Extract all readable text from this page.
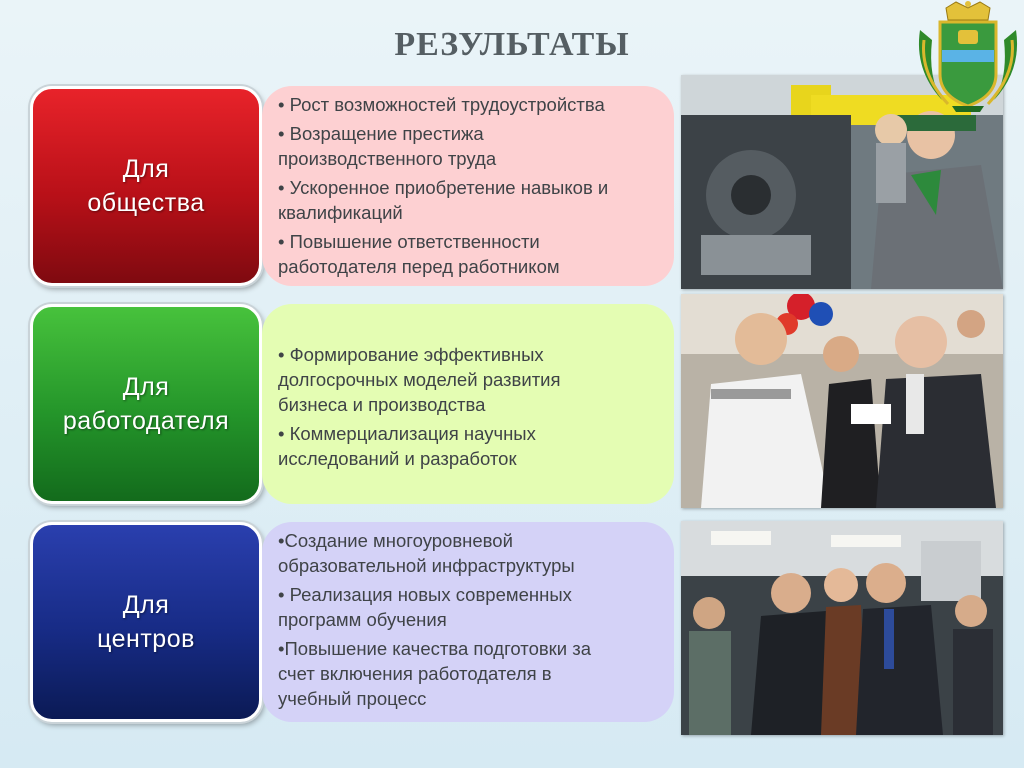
РЕЗУЛЬТАТЫ
Для
общества
• Рост возможностей трудоустройства
• Возращение престижа
производственного труда
• Ускоренное приобретение навыков и
квалификаций
• Повышение ответственности
работодателя перед работником
Для
работодателя
• Формирование эффективных
долгосрочных моделей развития
бизнеса и производства
• Коммерциализация научных
исследований и разработок
Для
центров
•Создание многоуровневой
образовательной инфраструктуры
• Реализация новых современных
программ обучения
•Повышение качества подготовки за
счет включения работодателя в
учебный процесс
